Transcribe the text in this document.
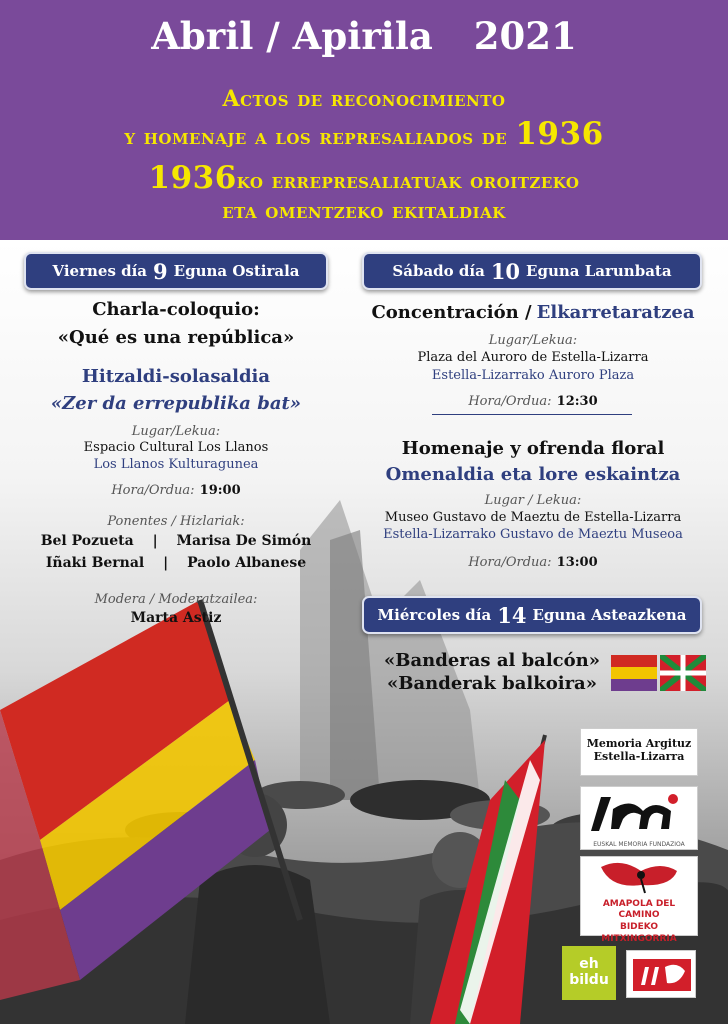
Abril / Apirila 2021
Actos de reconocimiento
y homenaje a los represaliados de 1936
1936ko errepresaliatuak oroitzeko
eta omentzeko ekitaldiak
Viernes día 9 Eguna Ostirala
Charla-coloquio:
«Qué es una república»
Hitzaldi-solasaldia
«Zer da errepublika bat»
Lugar/Lekua:
Espacio Cultural Los Llanos
Los Llanos Kulturagunea
Hora/Ordua: 19:00
Ponentes / Hizlariak:
Bel Pozueta | Marisa De Simón
Iñaki Bernal | Paolo Albanese
Modera / Moderatzailea:
Marta Astiz
Sábado día 10 Eguna Larunbata
Concentración / Elkarretaratzea
Lugar/Lekua:
Plaza del Auroro de Estella-Lizarra
Estella-Lizarrako Auroro Plaza
Hora/Ordua: 12:30
Homenaje y ofrenda floral
Omenaldia eta lore eskaintza
Lugar / Lekua:
Museo Gustavo de Maeztu de Estella-Lizarra
Estella-Lizarrako Gustavo de Maeztu Museoa
Hora/Ordua: 13:00
Miércoles día 14 Eguna Asteazkena
«Banderas al balcón»
«Banderak balkoira»
Memoria Argituz
Estella-Lizarra
EUSKAL MEMORIA FUNDAZIOA
AMAPOLA DEL CAMINO
BIDEKO MITXINGORRIA
eh
bildu
